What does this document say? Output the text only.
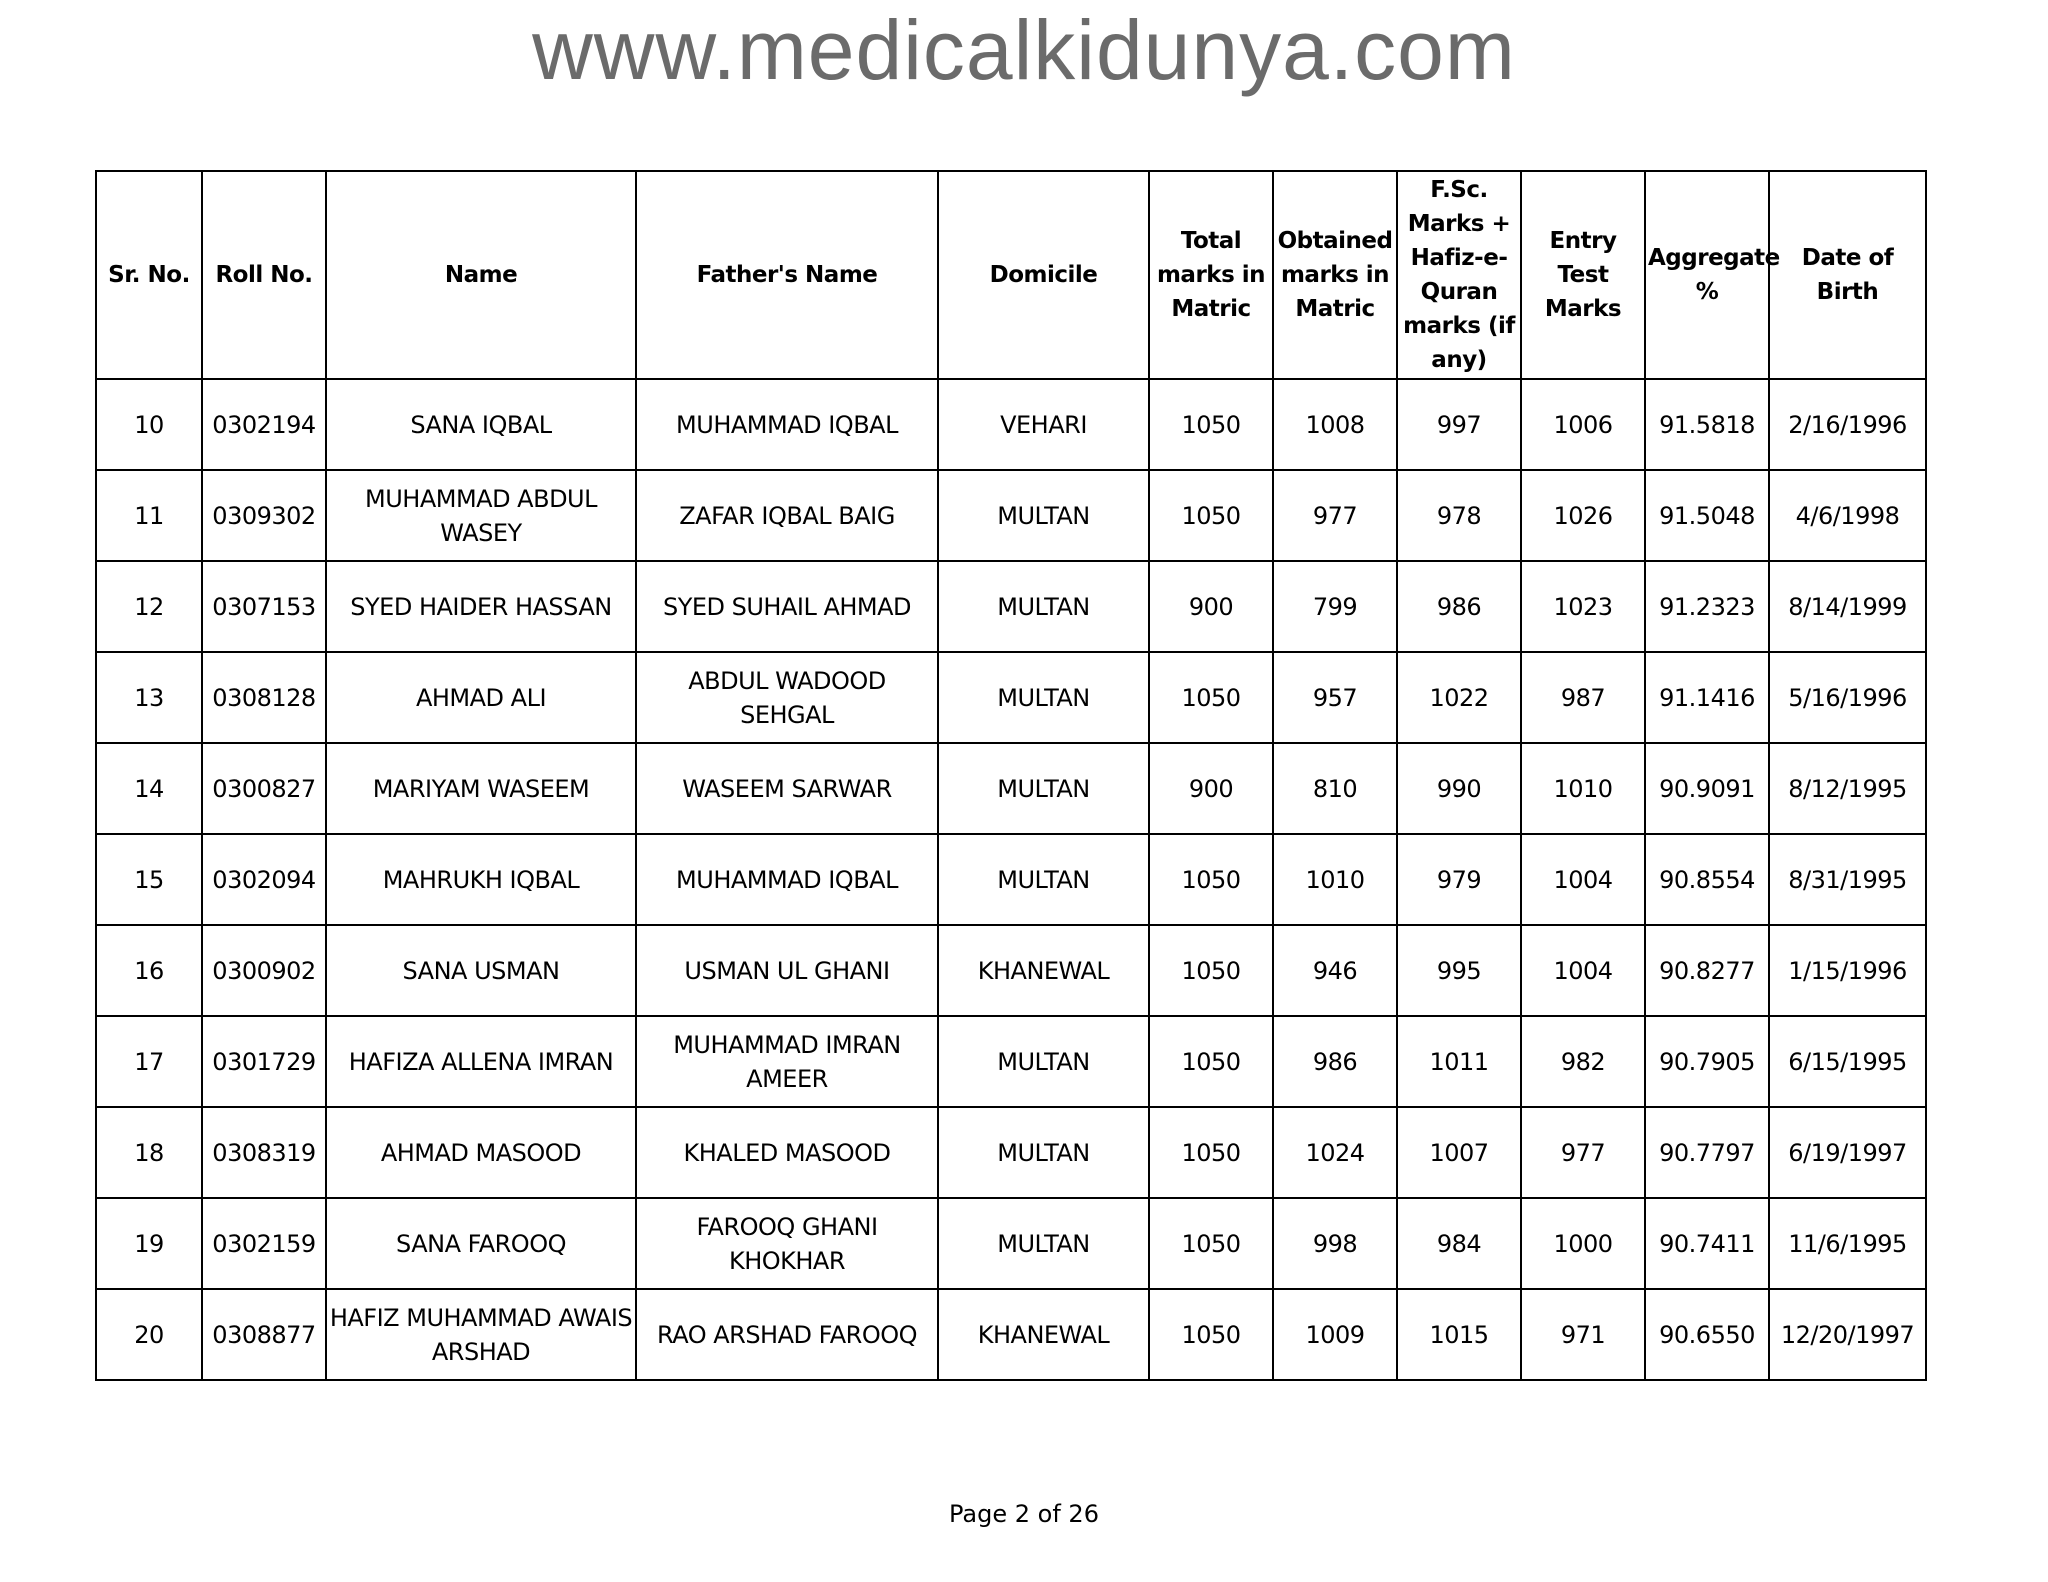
www.medicalkidunya.com
Sr. No.	Roll No.	Name	Father's Name	Domicile	Total marks in Matric	Obtained marks in Matric	F.Sc. Marks + Hafiz-e-Quran marks (if any)	Entry Test Marks	Aggregate %	Date of Birth
10	0302194	SANA IQBAL	MUHAMMAD IQBAL	VEHARI	1050	1008	997	1006	91.5818	2/16/1996
11	0309302	MUHAMMAD ABDUL WASEY	ZAFAR IQBAL BAIG	MULTAN	1050	977	978	1026	91.5048	4/6/1998
12	0307153	SYED HAIDER HASSAN	SYED SUHAIL AHMAD	MULTAN	900	799	986	1023	91.2323	8/14/1999
13	0308128	AHMAD ALI	ABDUL WADOOD SEHGAL	MULTAN	1050	957	1022	987	91.1416	5/16/1996
14	0300827	MARIYAM WASEEM	WASEEM SARWAR	MULTAN	900	810	990	1010	90.9091	8/12/1995
15	0302094	MAHRUKH IQBAL	MUHAMMAD IQBAL	MULTAN	1050	1010	979	1004	90.8554	8/31/1995
16	0300902	SANA USMAN	USMAN UL GHANI	KHANEWAL	1050	946	995	1004	90.8277	1/15/1996
17	0301729	HAFIZA ALLENA IMRAN	MUHAMMAD IMRAN AMEER	MULTAN	1050	986	1011	982	90.7905	6/15/1995
18	0308319	AHMAD MASOOD	KHALED MASOOD	MULTAN	1050	1024	1007	977	90.7797	6/19/1997
19	0302159	SANA FAROOQ	FAROOQ GHANI KHOKHAR	MULTAN	1050	998	984	1000	90.7411	11/6/1995
20	0308877	HAFIZ MUHAMMAD AWAIS ARSHAD	RAO ARSHAD FAROOQ	KHANEWAL	1050	1009	1015	971	90.6550	12/20/1997
Page 2 of 26
